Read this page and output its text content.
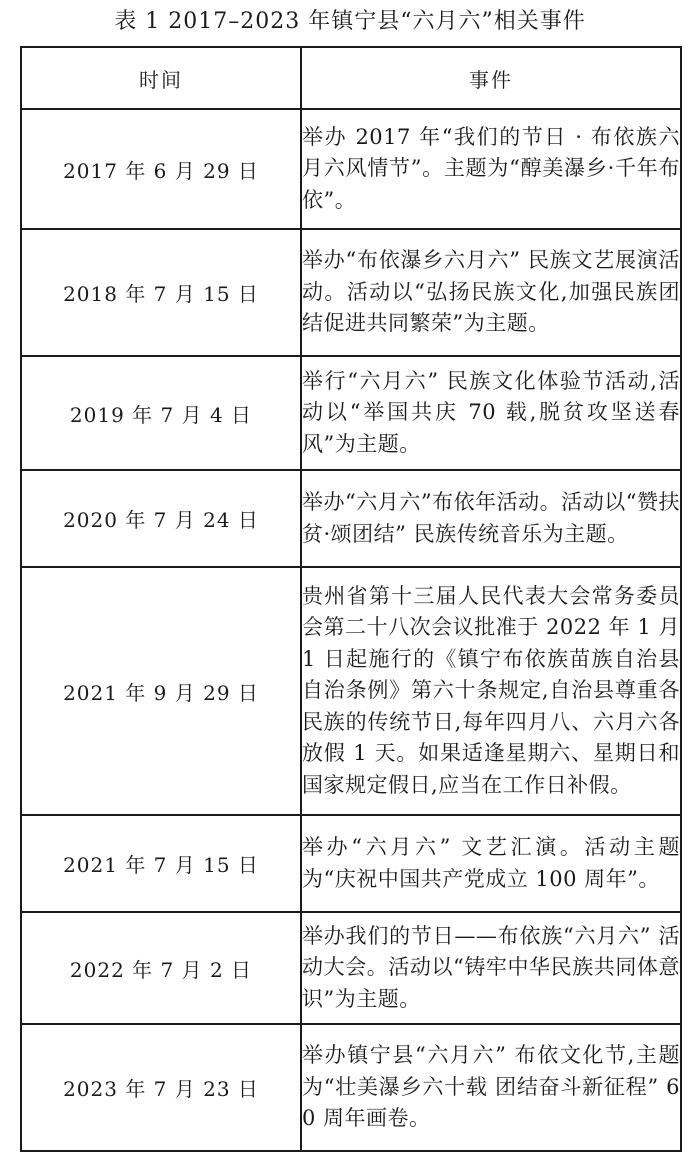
表 1 2017–2023 年镇宁县“六月六”相关事件
时间	事件
2017 年 6 月 29 日	举办 2017 年“我们的节日 · 布依族六月六风情节”。主题为“醇美瀑乡·千年布依”。
2018 年 7 月 15 日	举办“布依瀑乡六月六” 民族文艺展演活动。活动以“弘扬民族文化,加强民族团结促进共同繁荣”为主题。
2019 年 7 月 4 日	举行“六月六” 民族文化体验节活动,活动以“举国共庆 70 载,脱贫攻坚送春风”为主题。
2020 年 7 月 24 日	举办“六月六”布依年活动。活动以“赞扶贫·颂团结” 民族传统音乐为主题。
2021 年 9 月 29 日	贵州省第十三届人民代表大会常务委员会第二十八次会议批准于 2022 年 1 月 1 日起施行的《镇宁布依族苗族自治县自治条例》第六十条规定,自治县尊重各民族的传统节日,每年四月八、六月六各放假 1 天。如果适逢星期六、星期日和国家规定假日,应当在工作日补假。
2021 年 7 月 15 日	举办“六月六” 文艺汇演。活动主题为“庆祝中国共产党成立 100 周年”。
2022 年 7 月 2 日	举办我们的节日——布依族“六月六” 活动大会。活动以“铸牢中华民族共同体意识”为主题。
2023 年 7 月 23 日	举办镇宁县“六月六” 布依文化节,主题为“壮美瀑乡六十载 团结奋斗新征程” 60 周年画卷。
